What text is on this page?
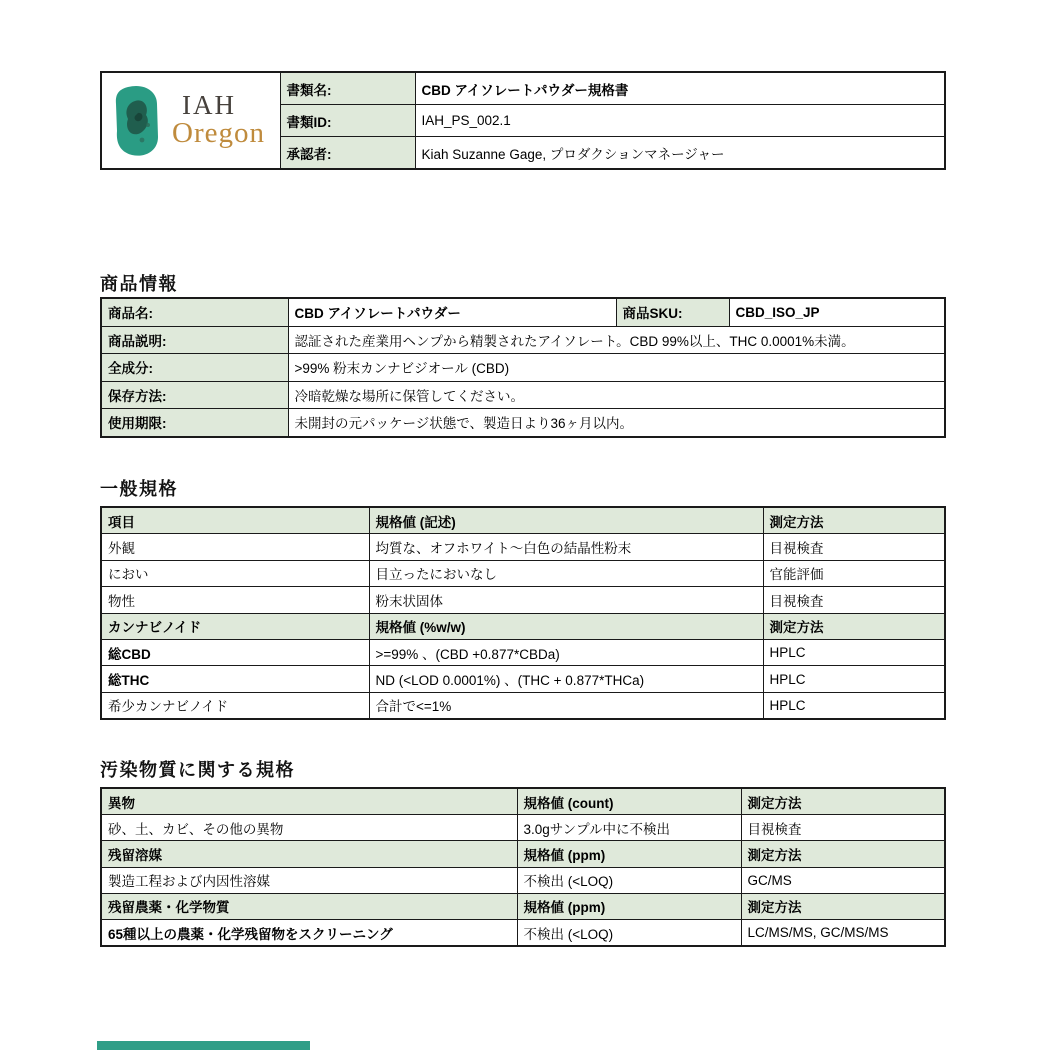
IAH
Oregon	書類名:	CBD アイソレートパウダー規格書
	書類ID:	IAH_PS_002.1
	承認者:	Kiah Suzanne Gage, プロダクションマネージャー
商品情報
商品名:	CBD アイソレートパウダー	商品SKU:	CBD_ISO_JP
商品説明:	認証された産業用ヘンプから精製されたアイソレート。CBD 99%以上、THC 0.0001%未満。		
全成分:	>99% 粉末カンナビジオール (CBD)		
保存方法:	冷暗乾燥な場所に保管してください。		
使用期限:	未開封の元パッケージ状態で、製造日より36ヶ月以内。		
一般規格
項目	規格値 (記述)	測定方法
外観	均質な、オフホワイト～白色の結晶性粉末	目視検査
におい	目立ったにおいなし	官能評価
物性	粉末状固体	目視検査
カンナビノイド	規格値 (%w/w)	測定方法
総CBD	>=99% 、(CBD +0.877*CBDa)	HPLC
総THC	ND (<LOD 0.0001%) 、(THC + 0.877*THCa)	HPLC
希少カンナビノイド	合計で<=1%	HPLC
汚染物質に関する規格
異物	規格値 (count)	測定方法
砂、土、カビ、その他の異物	3.0gサンプル中に不検出	目視検査
残留溶媒	規格値 (ppm)	測定方法
製造工程および内因性溶媒	不検出 (<LOQ)	GC/MS
残留農薬・化学物質	規格値 (ppm)	測定方法
65種以上の農薬・化学残留物をスクリーニング	不検出 (<LOQ)	LC/MS/MS, GC/MS/MS
